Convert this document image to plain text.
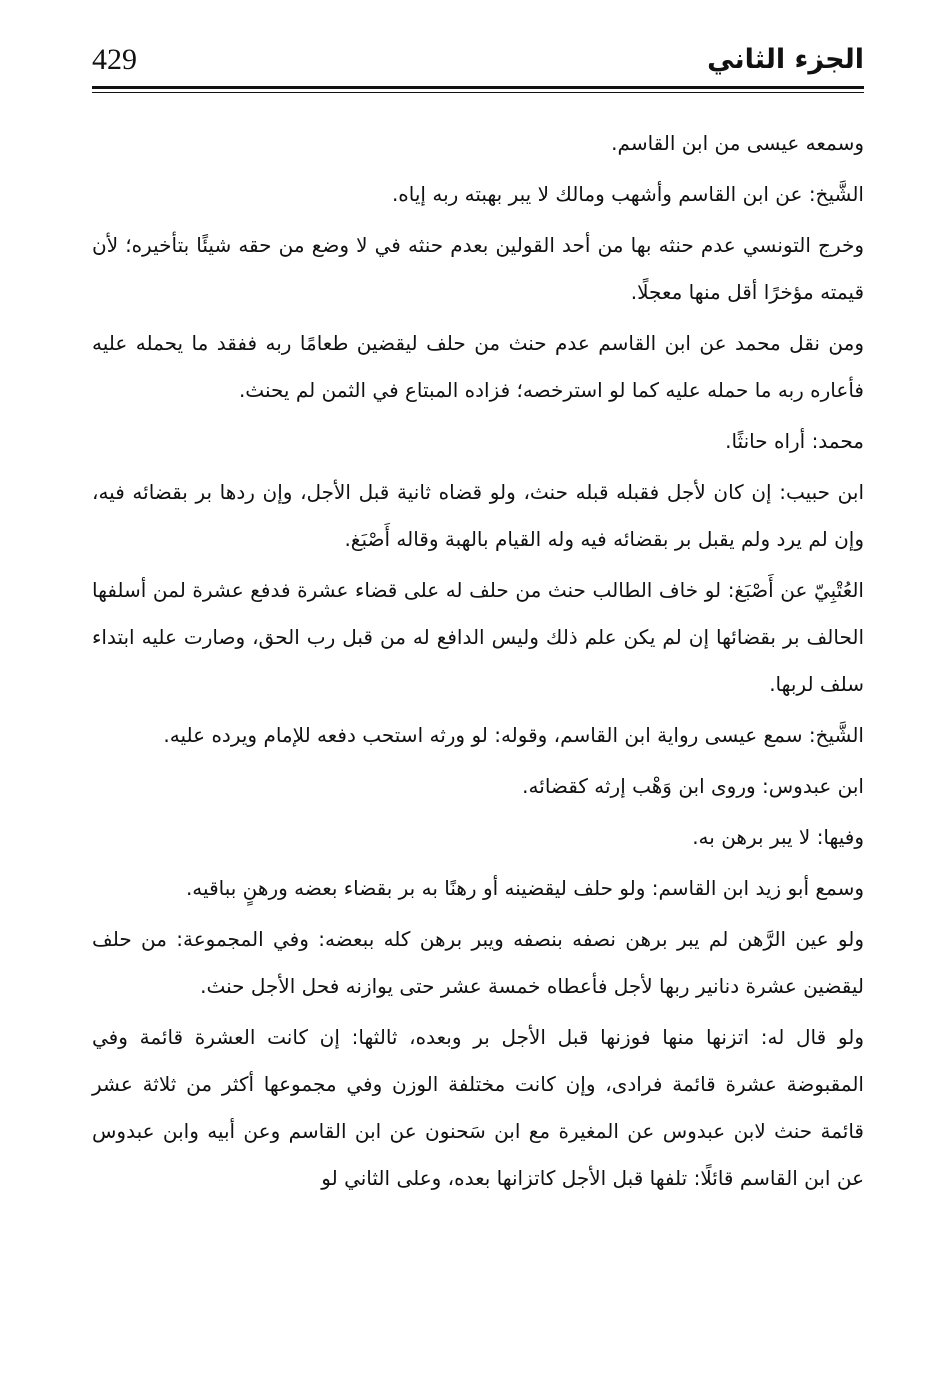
429	الجزء الثاني

وسمعه عيسى من ابن القاسم.

الشَّيخ: عن ابن القاسم وأشهب ومالك لا يبر بهبته ربه إياه.

وخرج التونسي عدم حنثه بها من أحد القولين بعدم حنثه في لا وضع من حقه شيئًا بتأخيره؛ لأن قيمته مؤخرًا أقل منها معجلًا.

ومن نقل محمد عن ابن القاسم عدم حنث من حلف ليقضين طعامًا ربه ففقد ما يحمله عليه فأعاره ربه ما حمله عليه كما لو استرخصه؛ فزاده المبتاع في الثمن لم يحنث.

محمد: أراه حانثًا.

ابن حبيب: إن كان لأجل فقبله قبله حنث، ولو قضاه ثانية قبل الأجل، وإن ردها بر بقضائه فيه، وإن لم يرد ولم يقبل بر بقضائه فيه وله القيام بالهبة وقاله أَصْبَغ.

العُتْبِيّ عن أَصْبَغ: لو خاف الطالب حنث من حلف له على قضاء عشرة فدفع عشرة لمن أسلفها الحالف بر بقضائها إن لم يكن علم ذلك وليس الدافع له من قبل رب الحق، وصارت عليه ابتداء سلف لربها.

الشَّيخ: سمع عيسى رواية ابن القاسم، وقوله: لو ورثه استحب دفعه للإمام ويرده عليه.

ابن عبدوس: وروى ابن وَهْب إرثه كقضائه.

وفيها: لا يبر برهن به.

وسمع أبو زيد ابن القاسم: ولو حلف ليقضينه أو رهنًا به بر بقضاء بعضه ورهنٍ بباقيه.

ولو عين الرَّهن لم يبر برهن نصفه بنصفه ويبر برهن كله ببعضه: وفي المجموعة: من حلف ليقضين عشرة دنانير ربها لأجل فأعطاه خمسة عشر حتى يوازنه فحل الأجل حنث.

ولو قال له: اتزنها منها فوزنها قبل الأجل بر وبعده، ثالثها: إن كانت العشرة قائمة وفي المقبوضة عشرة قائمة فرادى، وإن كانت مختلفة الوزن وفي مجموعها أكثر من ثلاثة عشر قائمة حنث لابن عبدوس عن المغيرة مع ابن سَحنون عن ابن القاسم وعن أبيه وابن عبدوس عن ابن القاسم قائلًا: تلفها قبل الأجل كاتزانها بعده، وعلى الثاني لو
